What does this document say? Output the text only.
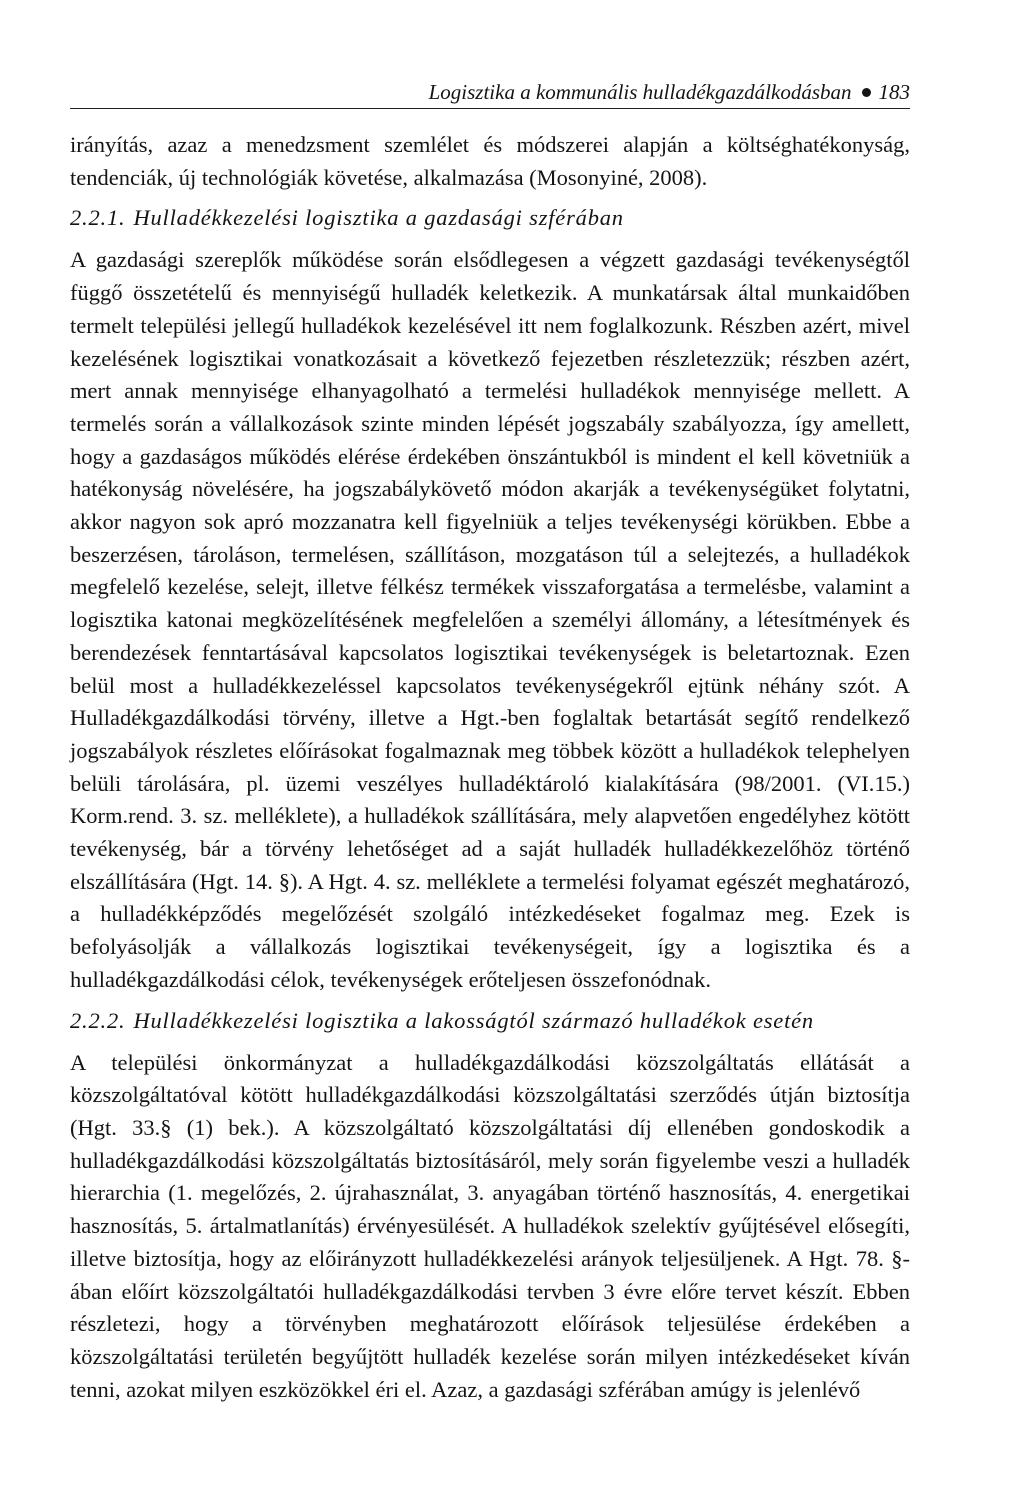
Logisztika a kommunális hulladékgazdálkodásban 183

irányítás, azaz a menedzsment szemlélet és módszerei alapján a költséghatékonyság, tendenciák, új technológiák követése, alkalmazása (Mosonyiné, 2008).

2.2.1. Hulladékkezelési logisztika a gazdasági szférában

A gazdasági szereplők működése során elsődlegesen a végzett gazdasági tevékenységtől függő összetételű és mennyiségű hulladék keletkezik. A munkatársak által munkaidőben termelt települési jellegű hulladékok kezelésével itt nem foglalkozunk. Részben azért, mivel kezelésének logisztikai vonatkozásait a következő fejezetben részletezzük; részben azért, mert annak mennyisége elhanyagolható a termelési hulladékok mennyisége mellett. A termelés során a vállalkozások szinte minden lépését jogszabály szabályozza, így amellett, hogy a gazdaságos működés elérése érdekében önszántukból is mindent el kell követniük a hatékonyság növelésére, ha jogszabálykövető módon akarják a tevékenységüket folytatni, akkor nagyon sok apró mozzanatra kell figyelniük a teljes tevékenységi körükben. Ebbe a beszerzésen, tároláson, termelésen, szállításon, mozgatáson túl a selejtezés, a hulladékok megfelelő kezelése, selejt, illetve félkész termékek visszaforgatása a termelésbe, valamint a logisztika katonai megközelítésének megfelelően a személyi állomány, a létesítmények és berendezések fenntartásával kapcsolatos logisztikai tevékenységek is beletartoznak. Ezen belül most a hulladékkezeléssel kapcsolatos tevékenységekről ejtünk néhány szót. A Hulladékgazdálkodási törvény, illetve a Hgt.-ben foglaltak betartását segítő rendelkező jogszabályok részletes előírásokat fogalmaznak meg többek között a hulladékok telephelyen belüli tárolására, pl. üzemi veszélyes hulladéktároló kialakítására (98/2001. (VI.15.) Korm.rend. 3. sz. melléklete), a hulladékok szállítására, mely alapvetően engedélyhez kötött tevékenység, bár a törvény lehetőséget ad a saját hulladék hulladékkezelőhöz történő elszállítására (Hgt. 14. §). A Hgt. 4. sz. melléklete a termelési folyamat egészét meghatározó, a hulladékképződés megelőzését szolgáló intézkedéseket fogalmaz meg. Ezek is befolyásolják a vállalkozás logisztikai tevékenységeit, így a logisztika és a hulladékgazdálkodási célok, tevékenységek erőteljesen összefonódnak.

2.2.2. Hulladékkezelési logisztika a lakosságtól származó hulladékok esetén

A települési önkormányzat a hulladékgazdálkodási közszolgáltatás ellátását a közszolgáltatóval kötött hulladékgazdálkodási közszolgáltatási szerződés útján biztosítja (Hgt. 33.§ (1) bek.). A közszolgáltató közszolgáltatási díj ellenében gondoskodik a hulladékgazdálkodási közszolgáltatás biztosításáról, mely során figyelembe veszi a hulladék hierarchia (1. megelőzés, 2. újrahasználat, 3. anyagában történő hasznosítás, 4. energetikai hasznosítás, 5. ártalmatlanítás) érvényesülését. A hulladékok szelektív gyűjtésével elősegíti, illetve biztosítja, hogy az előirányzott hulladékkezelési arányok teljesüljenek. A Hgt. 78. §-ában előírt közszolgáltatói hulladékgazdálkodási tervben 3 évre előre tervet készít. Ebben részletezi, hogy a törvényben meghatározott előírások teljesülése érdekében a közszolgáltatási területén begyűjtött hulladék kezelése során milyen intézkedéseket kíván tenni, azokat milyen eszközökkel éri el. Azaz, a gazdasági szférában amúgy is jelenlévő
